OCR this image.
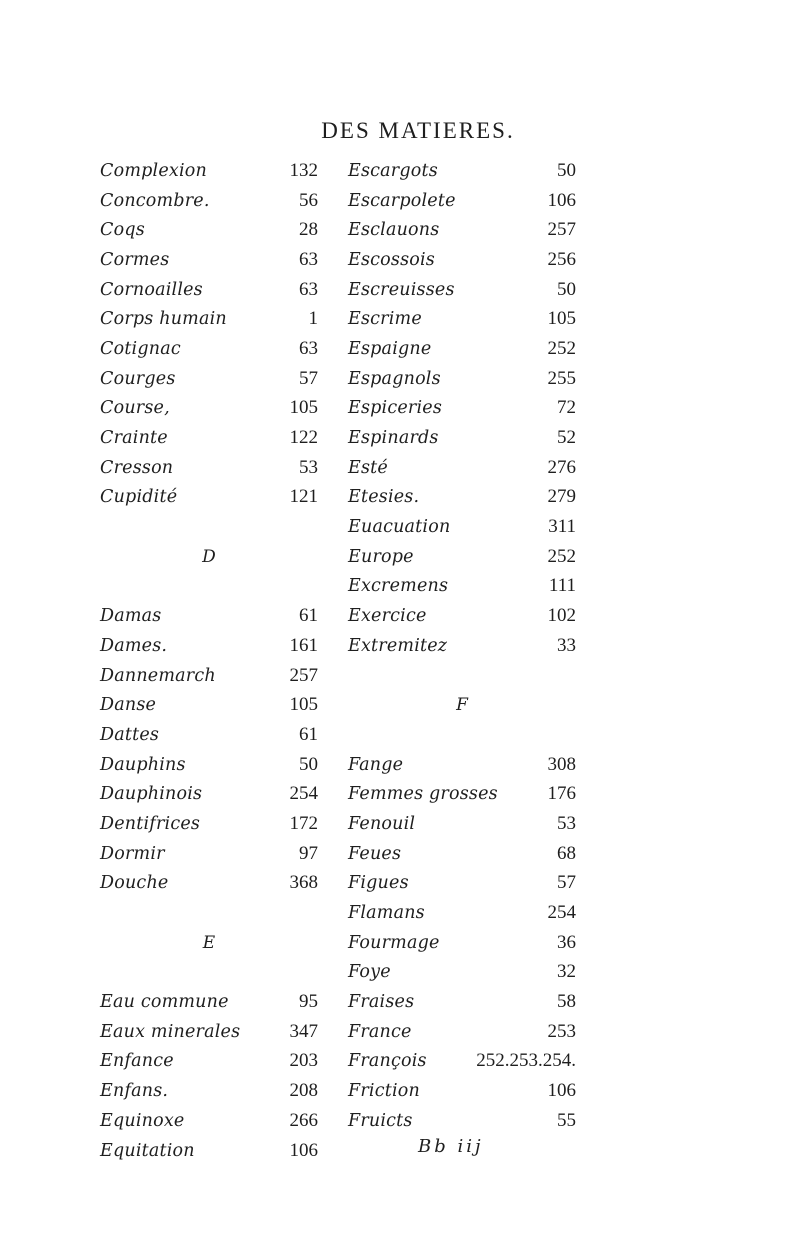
DES MATIERES.
Complexion	132
Concombre.	56
Coqs	28
Cormes	63
Cornoailles	63
Corps humain	1
Cotignac	63
Courges	57
Course,	105
Crainte	122
Cresson	53
Cupidité	121
D
Damas	61
Dames.	161
Dannemarch	257
Danse	105
Dattes	61
Dauphins	50
Dauphinois	254
Dentifrices	172
Dormir	97
Douche	368
E
Eau commune	95
Eaux minerales	347
Enfance	203
Enfans.	208
Equinoxe	266
Equitation	106
Escargots	50
Escarpolete	106
Esclauons	257
Escossois	256
Escreuisses	50
Escrime	105
Espaigne	252
Espagnols	255
Espiceries	72
Espinards	52
Esté	276
Etesies.	279
Euacuation	311
Europe	252
Excremens	111
Exercice	102
Extremitez	33
F
Fange	308
Femmes grosses	176
Fenouil	53
Feues	68
Figues	57
Flamans	254
Fourmage	36
Foye	32
Fraises	58
France	253
François	252.253.254.
Friction	106
Fruicts	55
Bb iij
